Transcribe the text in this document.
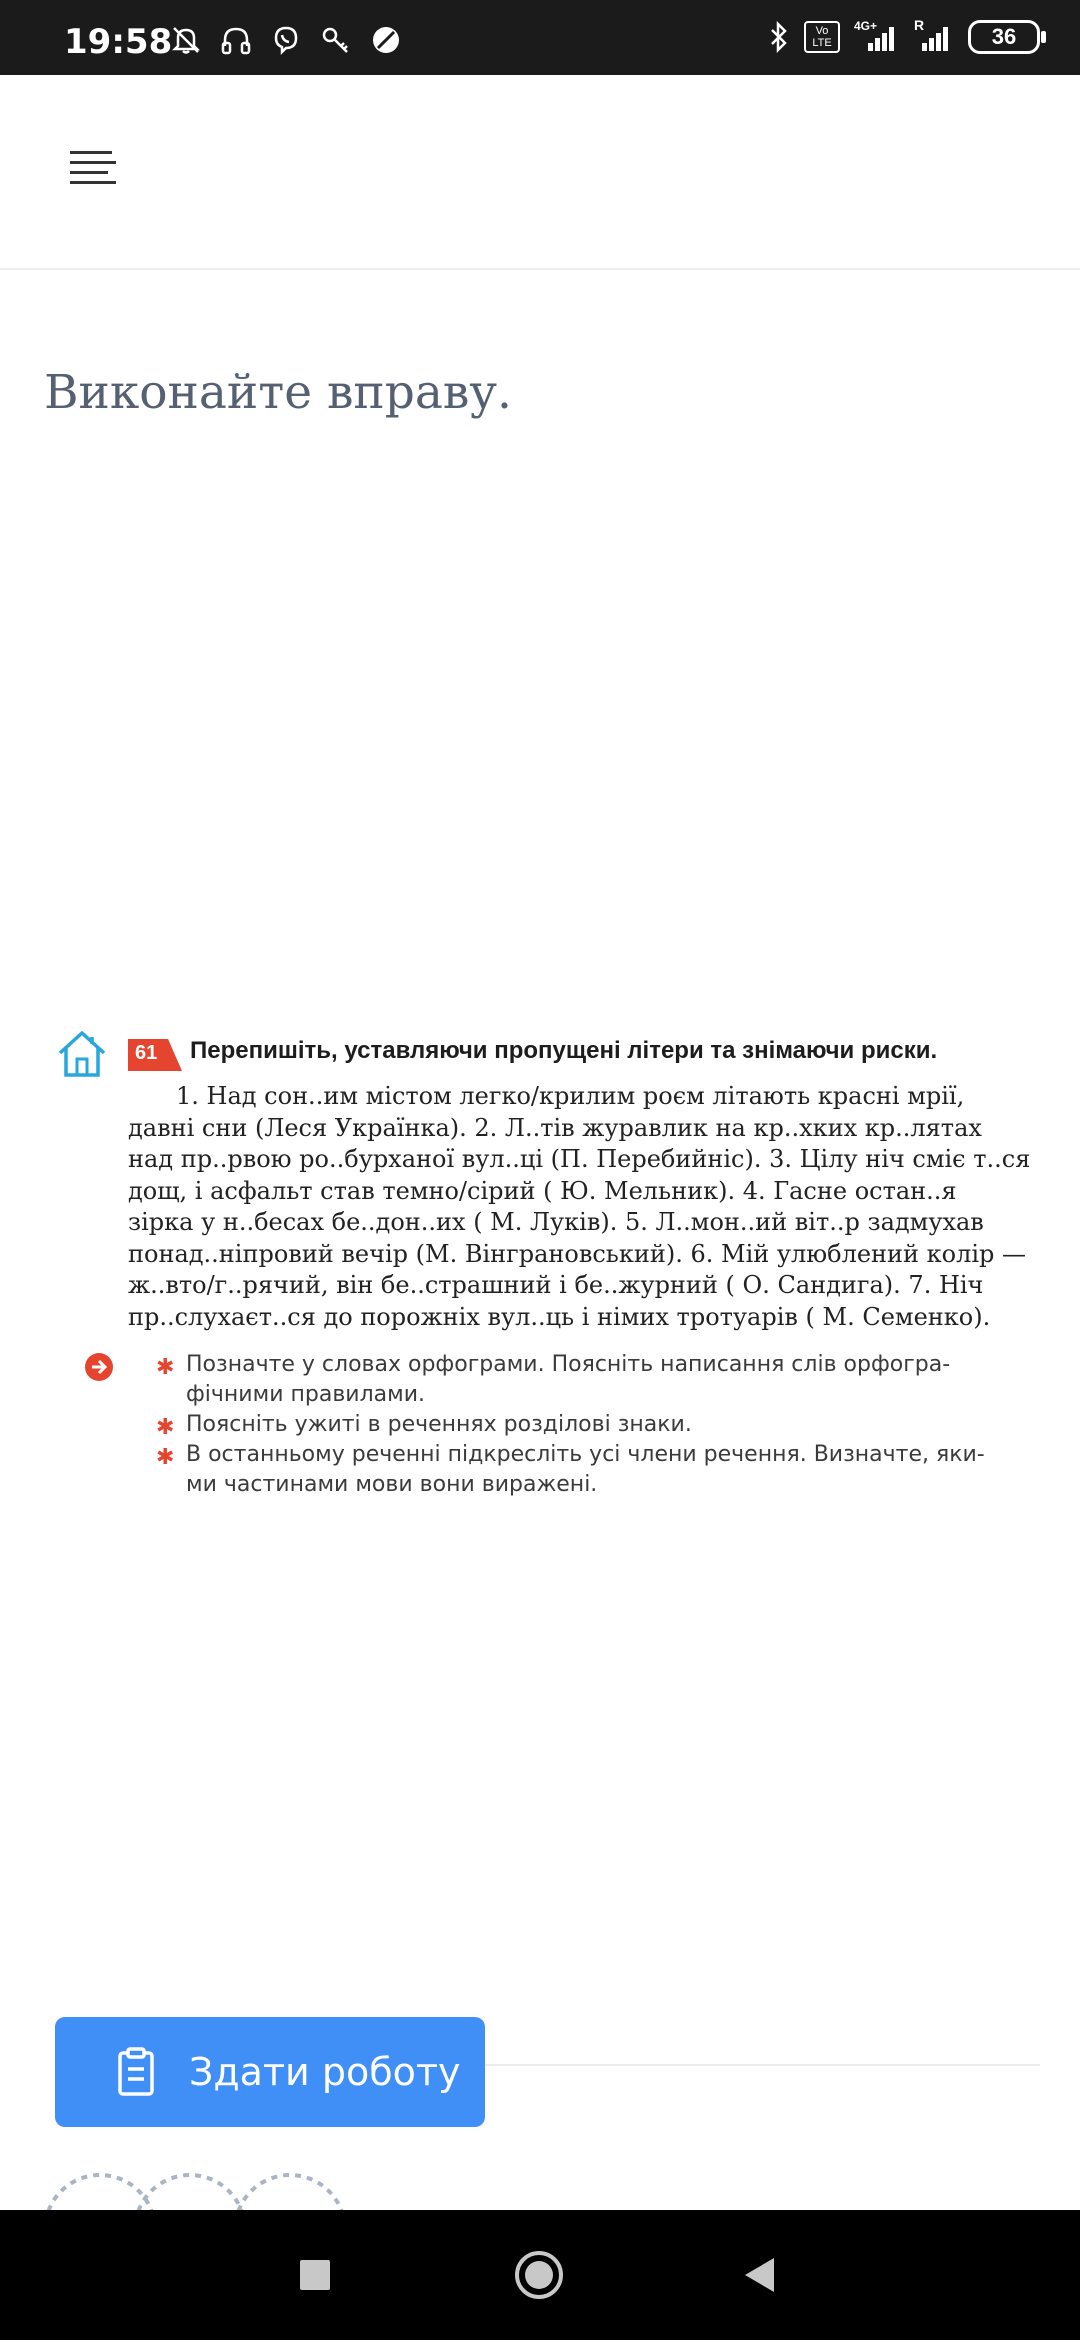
19:58	Vo LTE
4G+	R	36
Виконайте вправу.
61 Перепишіть, уставляючи пропущені літери та знімаючи риски.
1. Над сон..им містом легко/крилим роєм літають красні мрії,
давні сни (Леся Українка). 2. Л..тів журавлик на кр..хких кр..лятах
над пр..рвою ро..бурханої вул..ці (П. Перебийніс). 3. Цілу ніч сміє т..ся
дощ, і асфальт став темно/сірий ( Ю. Мельник). 4. Гасне остан..я
зірка у н..бесах бе..дон..их ( М. Луків). 5. Л..мон..ий віт..р задмухав
понад..ніпровий вечір (М. Вінграновський). 6. Мій улюблений колір —
ж..вто/г..рячий, він бе..страшний і бе..журний ( О. Сандига). 7. Ніч
пр..слухаєт..ся до порожніх вул..ць і німих тротуарів ( М. Семенко).
✱ Позначте у словах орфограми. Поясніть написання слів орфогра-
фічними правилами.
✱ Поясніть ужиті в реченнях розділові знаки.
✱ В останньому реченні підкресліть усі члени речення. Визначте, яки-
ми частинами мови вони виражені.
Здати роботу
